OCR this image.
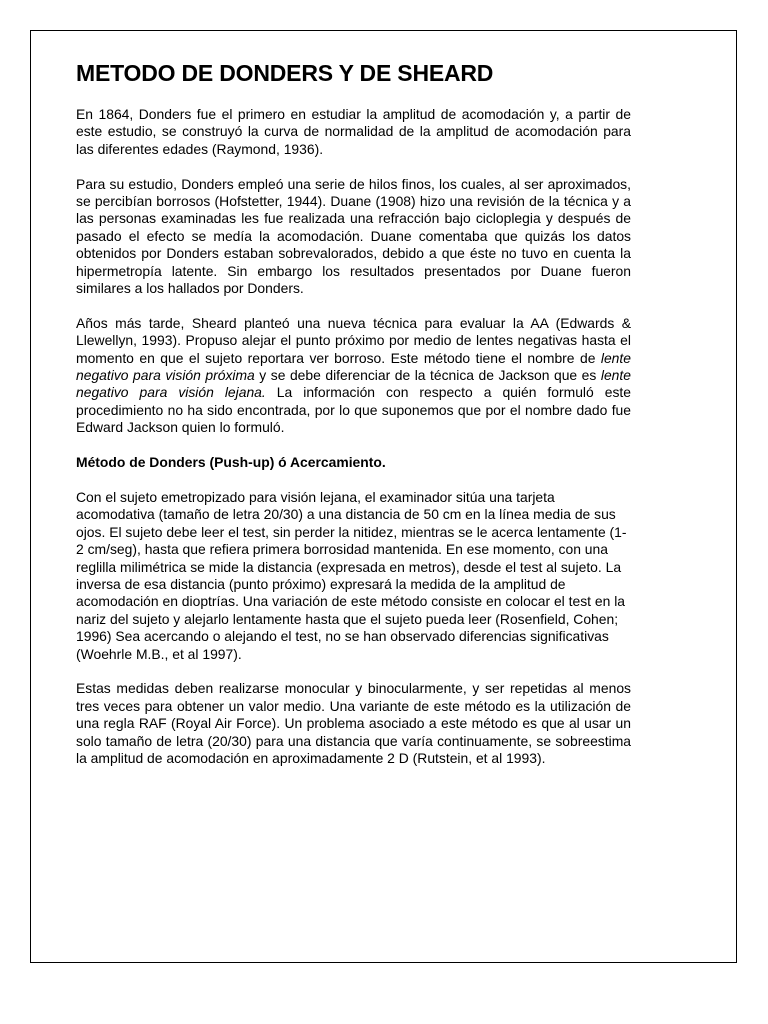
METODO DE DONDERS Y DE SHEARD

En 1864, Donders fue el primero en estudiar la amplitud de acomodación y, a partir de este estudio, se construyó la curva de normalidad de la amplitud de acomodación para las diferentes edades (Raymond, 1936).

Para su estudio, Donders empleó una serie de hilos finos, los cuales, al ser aproximados, se percibían borrosos (Hofstetter, 1944). Duane (1908) hizo una revisión de la técnica y a las personas examinadas les fue realizada una refracción bajo cicloplegia y después de pasado el efecto se medía la acomodación. Duane comentaba que quizás los datos obtenidos por Donders estaban sobrevalorados, debido a que éste no tuvo en cuenta la hipermetropía latente. Sin embargo los resultados presentados por Duane fueron similares a los hallados por Donders.

Años más tarde, Sheard planteó una nueva técnica para evaluar la AA (Edwards & Llewellyn, 1993). Propuso alejar el punto próximo por medio de lentes negativas hasta el momento en que el sujeto reportara ver borroso. Este método tiene el nombre de lente negativo para visión próxima y se debe diferenciar de la técnica de Jackson que es lente negativo para visión lejana. La información con respecto a quién formuló este procedimiento no ha sido encontrada, por lo que suponemos que por el nombre dado fue Edward Jackson quien lo formuló.

Método de Donders (Push-up) ó Acercamiento.

Con el sujeto emetropizado para visión lejana, el examinador sitúa una tarjeta acomodativa (tamaño de letra 20/30) a una distancia de 50 cm en la línea media de sus ojos. El sujeto debe leer el test, sin perder la nitidez, mientras se le acerca lentamente (1- 2 cm/seg), hasta que refiera primera borrosidad mantenida. En ese momento, con una reglilla milimétrica se mide la distancia (expresada en metros), desde el test al sujeto. La inversa de esa distancia (punto próximo) expresará la medida de la amplitud de acomodación en dioptrías. Una variación de este método consiste en colocar el test en la nariz del sujeto y alejarlo lentamente hasta que el sujeto pueda leer (Rosenfield, Cohen; 1996) Sea acercando o alejando el test, no se han observado diferencias significativas (Woehrle M.B., et al 1997).

Estas medidas deben realizarse monocular y binocularmente, y ser repetidas al menos tres veces para obtener un valor medio. Una variante de este método es la utilización de una regla RAF (Royal Air Force). Un problema asociado a este método es que al usar un solo tamaño de letra (20/30) para una distancia que varía continuamente, se sobreestima la amplitud de acomodación en aproximadamente 2 D (Rutstein, et al 1993).
